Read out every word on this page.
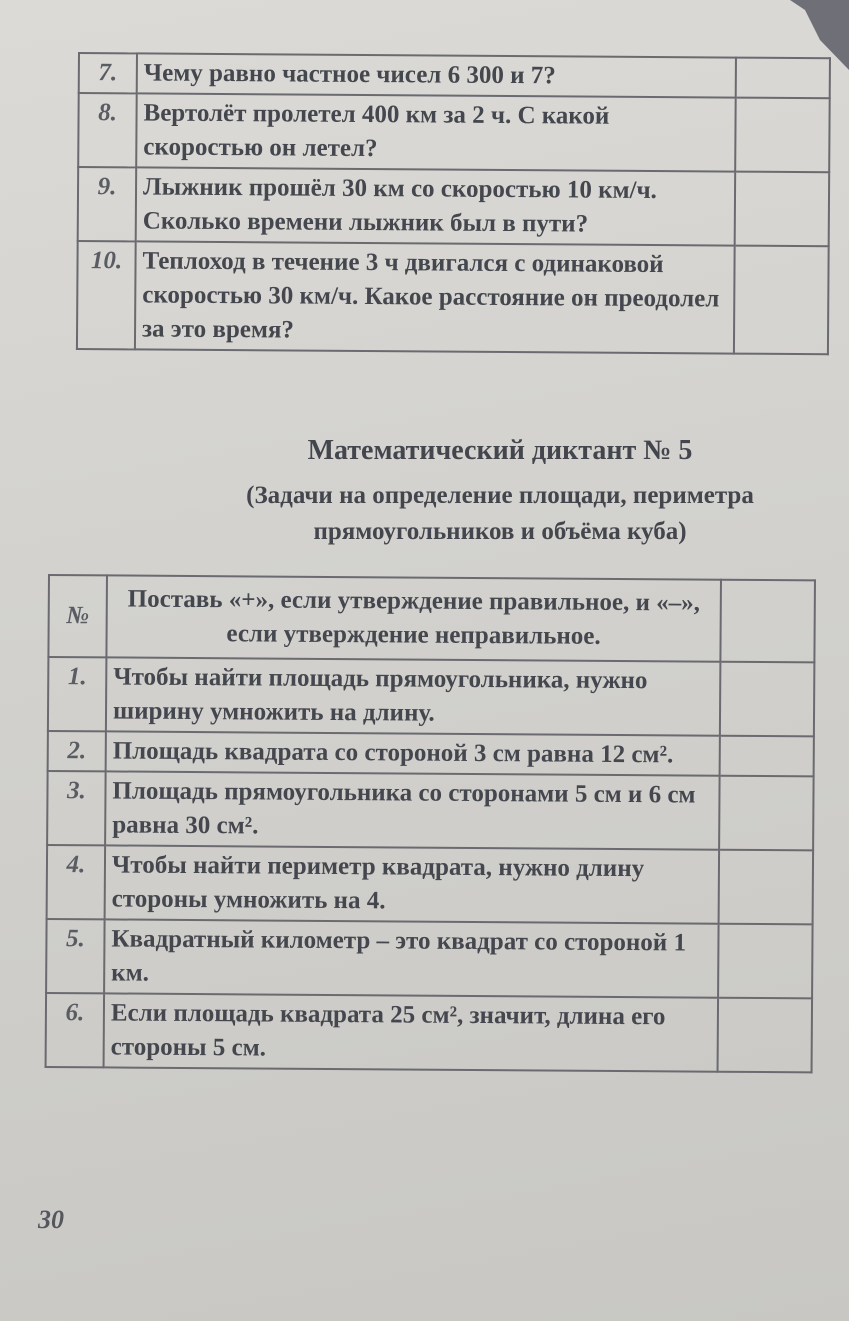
7.	Чему равно частное чисел 6 300 и 7?	
8.	Вертолёт пролетел 400 км за 2 ч. С какой скоростью он летел?	
9.	Лыжник прошёл 30 км со скоростью 10 км/ч. Сколько времени лыжник был в пути?	
10.	Теплоход в течение 3 ч двигался с одинаковой скоростью 30 км/ч. Какое расстояние он преодолел за это время?	
Математический диктант № 5
(Задачи на определение площади, периметра прямоугольников и объёма куба)
№	Поставь «+», если утверждение правильное, и «–», если утверждение неправильное.	
1.	Чтобы найти площадь прямоугольника, нужно ширину умножить на длину.	
2.	Площадь квадрата со стороной 3 см равна 12 см².	
3.	Площадь прямоугольника со сторонами 5 см и 6 см равна 30 см².	
4.	Чтобы найти периметр квадрата, нужно длину стороны умножить на 4.	
5.	Квадратный километр – это квадрат со стороной 1 км.	
6.	Если площадь квадрата 25 см², значит, длина его стороны 5 см.	
30
